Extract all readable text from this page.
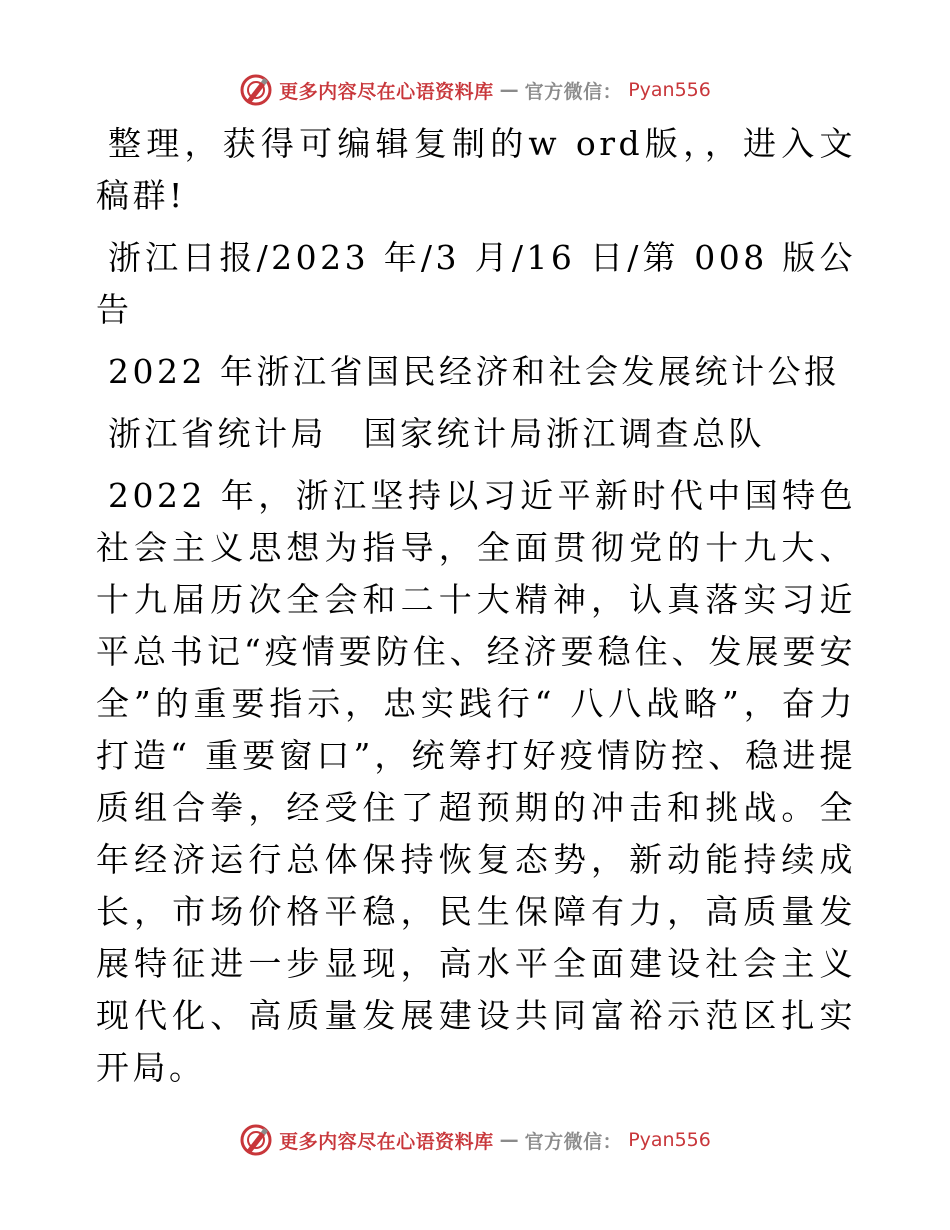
更多内容尽在心语资料库 — 官方微信： Pyan556

整理，获得可编辑复制的w ord版，，进入文稿群!

浙江日报/2023 年/3 月/16 日/第 008 版公告

2022 年浙江省国民经济和社会发展统计公报

浙江省统计局　国家统计局浙江调查总队

2022 年，浙江坚持以习近平新时代中国特色社会主义思想为指导，全面贯彻党的十九大、十九届历次全会和二十大精神，认真落实习近平总书记“疫情要防住、经济要稳住、发展要安全”的重要指示，忠实践行“ 八八战略”，奋力打造“ 重要窗口”，统筹打好疫情防控、稳进提质组合拳，经受住了超预期的冲击和挑战。全年经济运行总体保持恢复态势，新动能持续成长，市场价格平稳，民生保障有力，高质量发展特征进一步显现，高水平全面建设社会主义现代化、高质量发展建设共同富裕示范区扎实开局。

更多内容尽在心语资料库 — 官方微信： Pyan556
